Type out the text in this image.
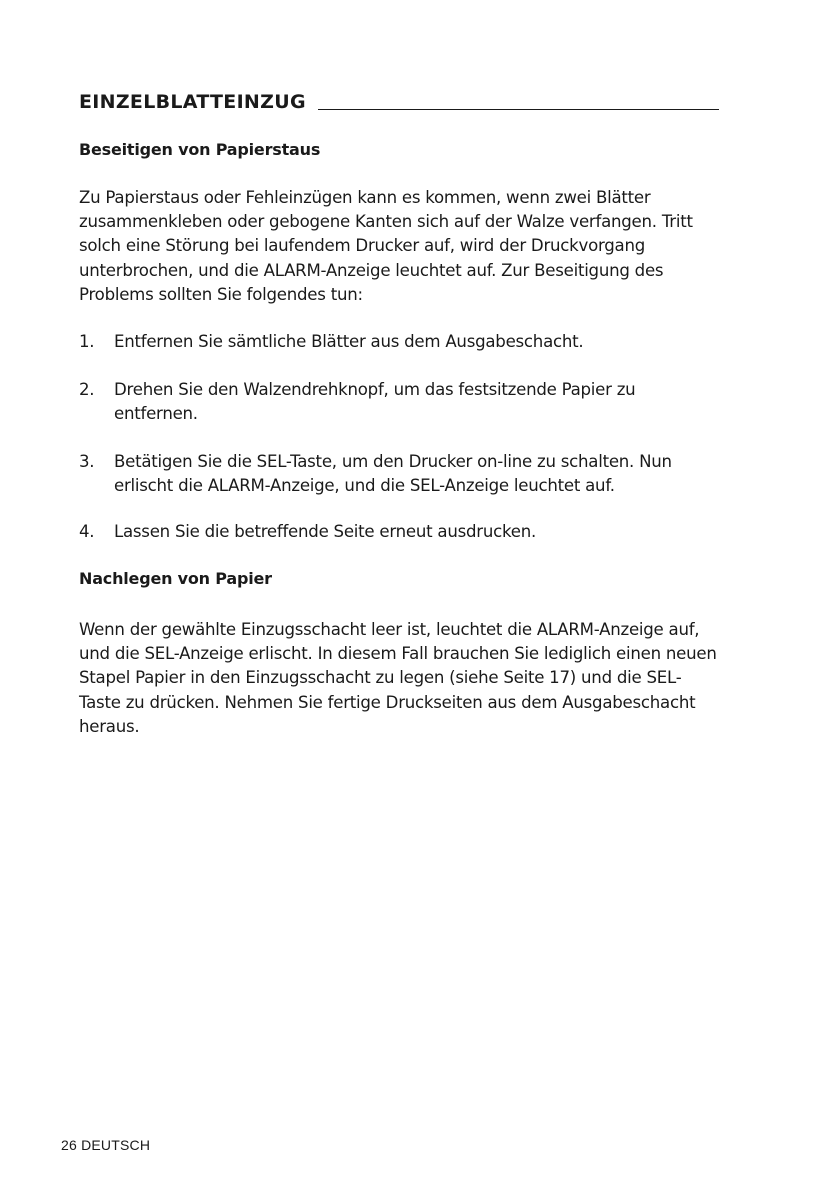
EINZELBLATTEINZUG
Beseitigen von Papierstaus

Zu Papierstaus oder Fehleinzügen kann es kommen, wenn zwei Blätter zusammenkleben oder gebogene Kanten sich auf der Walze verfangen. Tritt solch eine Störung bei laufendem Drucker auf, wird der Druckvorgang unterbrochen, und die ALARM-Anzeige leuchtet auf. Zur Beseitigung des Problems sollten Sie folgendes tun:

1.	Entfernen Sie sämtliche Blätter aus dem Ausgabeschacht.
2.	Drehen Sie den Walzendrehknopf, um das festsitzende Papier zu entfernen.
3.	Betätigen Sie die SEL-Taste, um den Drucker on-line zu schalten. Nun erlischt die ALARM-Anzeige, und die SEL-Anzeige leuchtet auf.
4.	Lassen Sie die betreffende Seite erneut ausdrucken.
Nachlegen von Papier

Wenn der gewählte Einzugsschacht leer ist, leuchtet die ALARM-Anzeige auf, und die SEL-Anzeige erlischt. In diesem Fall brauchen Sie lediglich einen neuen Stapel Papier in den Einzugsschacht zu legen (siehe Seite 17) und die SEL-Taste zu drücken. Nehmen Sie fertige Druckseiten aus dem Ausgabeschacht heraus.

26 DEUTSCH
